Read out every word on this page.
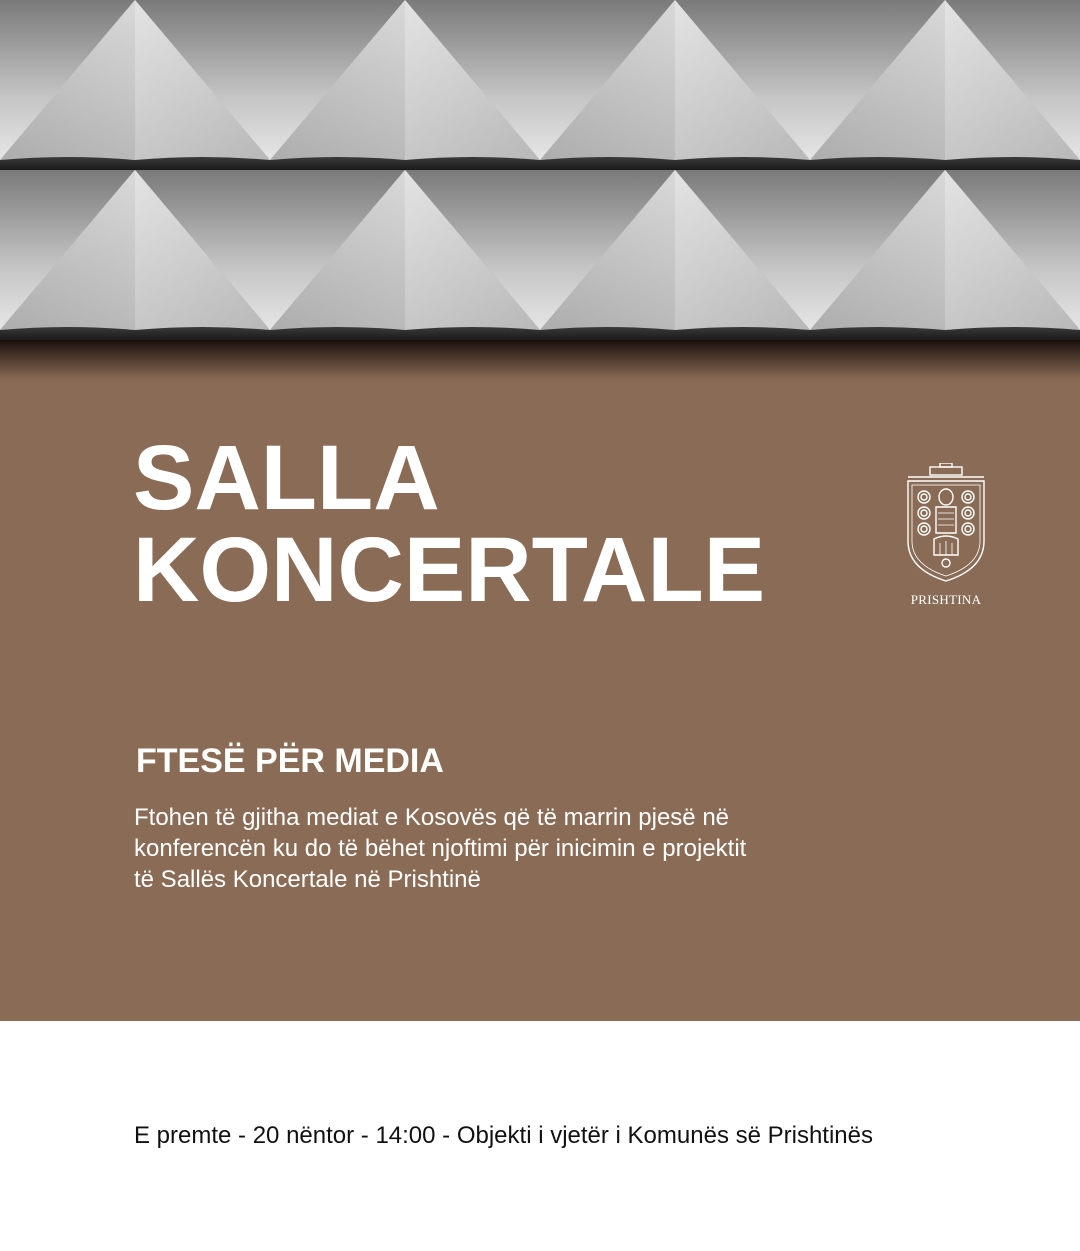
SALLA
KONCERTALE	PRISHTINA
FTESË PËR MEDIA

Ftohen të gjitha mediat e Kosovës që të marrin pjesë në
konferencën ku do të bëhet njoftimi për inicimin e projektit
të Sallës Koncertale në Prishtinë

E premte - 20 nëntor - 14:00 - Objekti i vjetër i Komunës së Prishtinës
